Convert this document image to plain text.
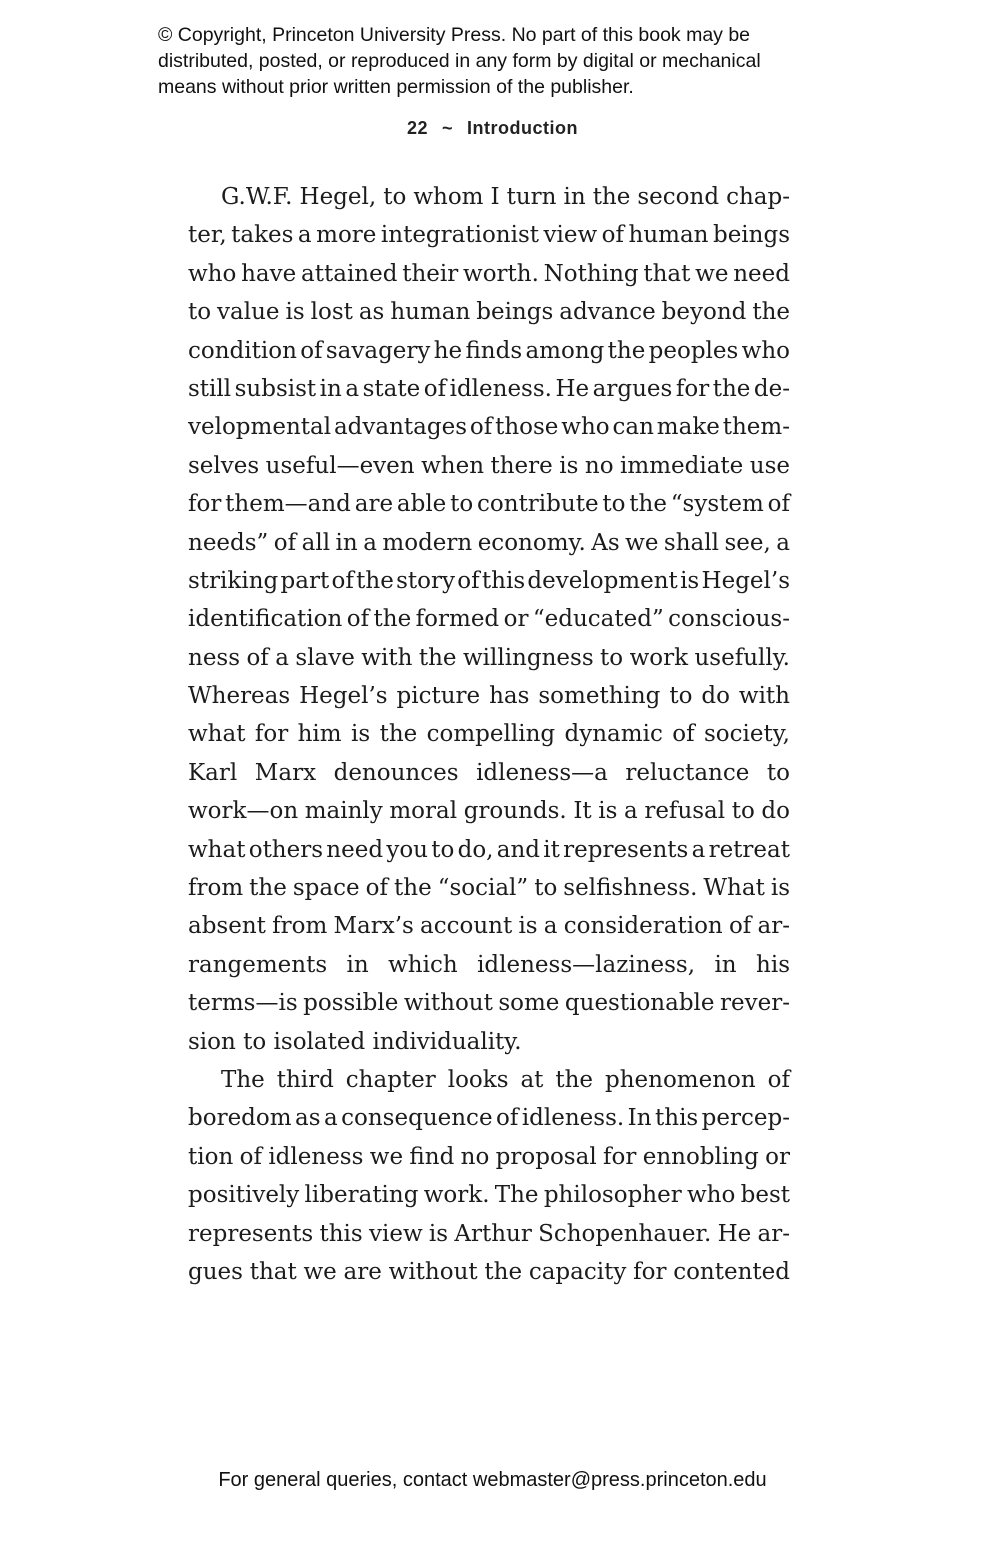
© Copyright, Princeton University Press. No part of this book may be
distributed, posted, or reproduced in any form by digital or mechanical
means without prior written permission of the publisher.
22 ~ Introduction
G.W.F. Hegel, to whom I turn in the second chap-
ter, takes a more integrationist view of human beings
who have attained their worth. Nothing that we need
to value is lost as human beings advance beyond the
condition of savagery he finds among the peoples who
still subsist in a state of idleness. He argues for the de-
velopmental advantages of those who can make them-
selves useful—even when there is no immediate use
for them—and are able to contribute to the “system of
needs” of all in a modern economy. As we shall see, a
striking part of the story of this development is Hegel’s
identification of the formed or “educated” conscious-
ness of a slave with the willingness to work usefully.
Whereas Hegel’s picture has something to do with
what for him is the compelling dynamic of society,
Karl Marx denounces idleness—a reluctance to
work—on mainly moral grounds. It is a refusal to do
what others need you to do, and it represents a retreat
from the space of the “social” to selfishness. What is
absent from Marx’s account is a consideration of ar-
rangements in which idleness—laziness, in his
terms—is possible without some questionable rever-
sion to isolated individuality.
The third chapter looks at the phenomenon of
boredom as a consequence of idleness. In this percep-
tion of idleness we find no proposal for ennobling or
positively liberating work. The philosopher who best
represents this view is Arthur Schopenhauer. He ar-
gues that we are without the capacity for contented
For general queries, contact webmaster@press.princeton.edu
